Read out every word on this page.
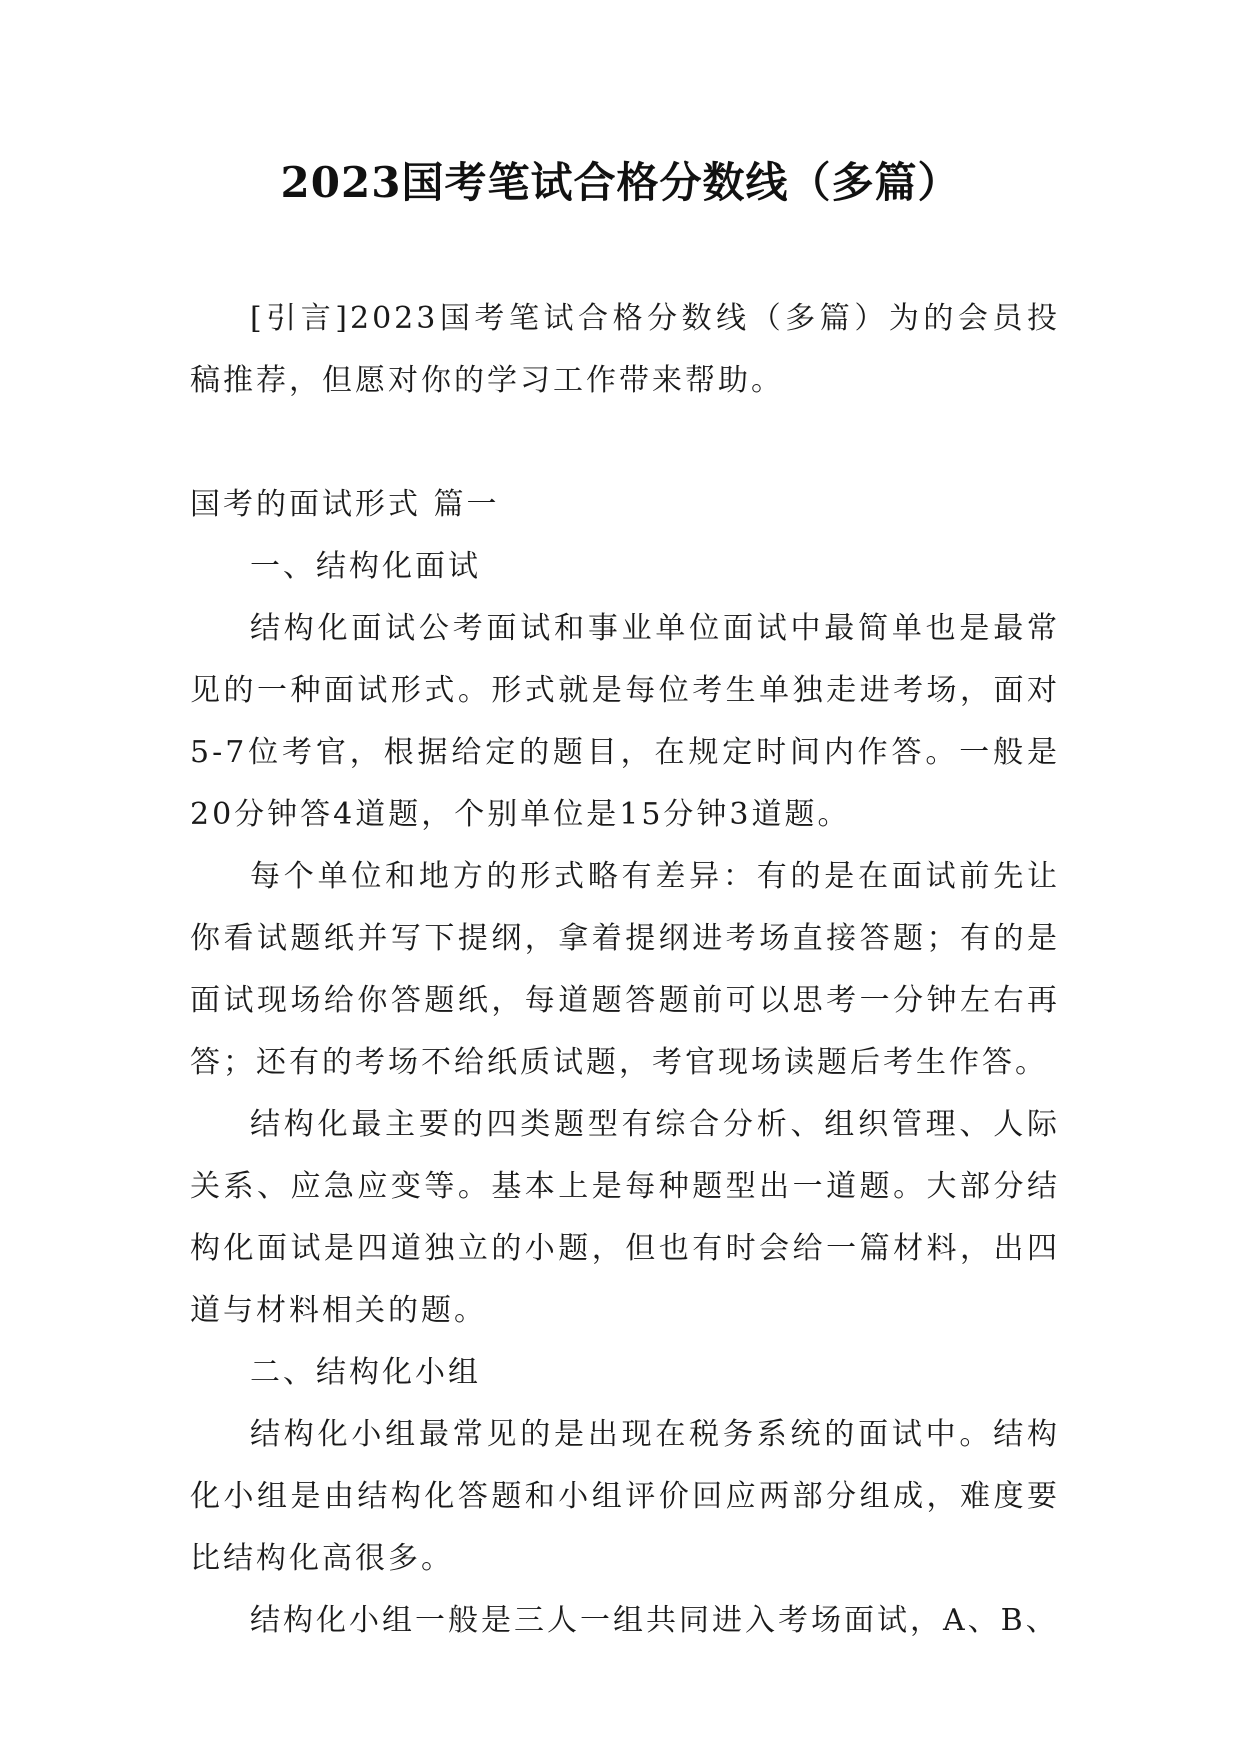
2023国考笔试合格分数线（多篇）

[引言]2023国考笔试合格分数线（多篇）为的会员投稿推荐，但愿对你的学习工作带来帮助。

国考的面试形式 篇一

一、结构化面试

结构化面试公考面试和事业单位面试中最简单也是最常见的一种面试形式。形式就是每位考生单独走进考场，面对5-7位考官，根据给定的题目，在规定时间内作答。一般是20分钟答4道题，个别单位是15分钟3道题。

每个单位和地方的形式略有差异：有的是在面试前先让你看试题纸并写下提纲，拿着提纲进考场直接答题；有的是面试现场给你答题纸，每道题答题前可以思考一分钟左右再答；还有的考场不给纸质试题，考官现场读题后考生作答。

结构化最主要的四类题型有综合分析、组织管理、人际关系、应急应变等。基本上是每种题型出一道题。大部分结构化面试是四道独立的小题，但也有时会给一篇材料，出四道与材料相关的题。

二、结构化小组

结构化小组最常见的是出现在税务系统的面试中。结构化小组是由结构化答题和小组评价回应两部分组成，难度要比结构化高很多。

结构化小组一般是三人一组共同进入考场面试，A、B、
